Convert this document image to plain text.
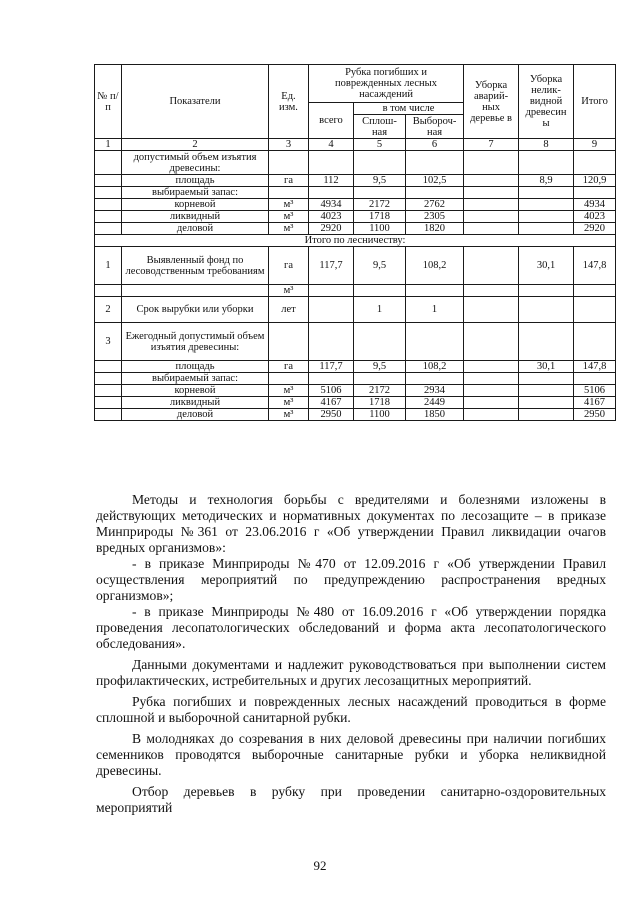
№ п/п	Показатели	Ед. изм.	Рубка погибших и поврежденных лесных насаждений			Уборка аварий-ных деревье в	Уборка нелик-видной древесин ы	Итого
			всего	в том числе				
				Сплош-ная	Выбороч-ная			
1	2	3	4	5	6	7	8	9
	допустимый объем изъятия древесины:							
	площадь	га	112	9,5	102,5		8,9	120,9
	выбираемый запас:							
	корневой	м³	4934	2172	2762			4934
	ликвидный	м³	4023	1718	2305			4023
	деловой	м³	2920	1100	1820			2920
Итого по лесничеству:								
1	Выявленный фонд по лесоводственным требованиям	га	117,7	9,5	108,2		30,1	147,8
		м³						
2	Срок вырубки или уборки	лет		1	1			
3	Ежегодный допустимый объем изъятия древесины:							
	площадь	га	117,7	9,5	108,2		30,1	147,8
	выбираемый запас:							
	корневой	м³	5106	2172	2934			5106
	ликвидный	м³	4167	1718	2449			4167
	деловой	м³	2950	1100	1850			2950

Методы и технология борьбы с вредителями и болезнями изложены в действующих методических и нормативных документах по лесозащите – в приказе Минприроды №361 от 23.06.2016 г «Об утверждении Правил ликвидации очагов вредных организмов»:

- в приказе Минприроды №470 от 12.09.2016 г «Об утверждении Правил осуществления мероприятий по предупреждению распространения вредных организмов»;

- в приказе Минприроды №480 от 16.09.2016 г «Об утверждении порядка проведения лесопатологических обследований и форма акта лесопатологического обследования».

Данными документами и надлежит руководствоваться при выполнении систем профилактических, истребительных и других лесозащитных мероприятий.

Рубка погибших и поврежденных лесных насаждений проводиться в форме сплошной и выборочной санитарной рубки.

В молодняках до созревания в них деловой древесины при наличии погибших семенников проводятся выборочные санитарные рубки и уборка неликвидной древесины.

Отбор деревьев в рубку при проведении санитарно-оздоровительных мероприятий

92
